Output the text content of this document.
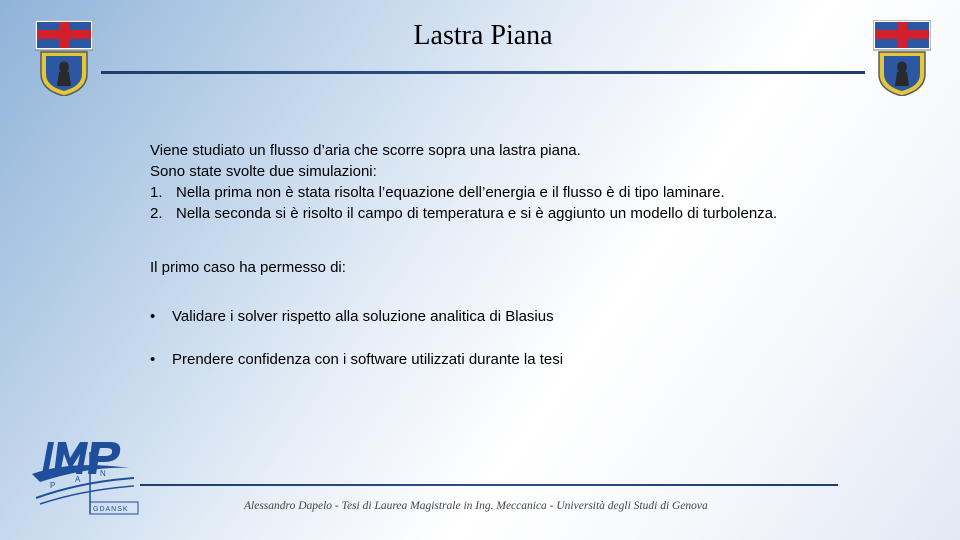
Lastra Piana

Viene studiato un flusso d’aria che scorre sopra una lastra piana.

Sono state svolte due simulazioni:

1. Nella prima non è stata risolta l’equazione dell’energia e il flusso è di tipo laminare.

2. Nella seconda si è risolto il campo di temperatura e si è aggiunto un modello di turbolenza.

Il primo caso ha permesso di:

• Validare i solver rispetto alla soluzione analitica di Blasius
• Prendere confidenza con i software utilizzati durante la tesi
P
A
N
GDANSK	Alessandro Dapelo - Tesi di Laurea Magistrale in Ing. Meccanica - Università degli Studi di Genova
